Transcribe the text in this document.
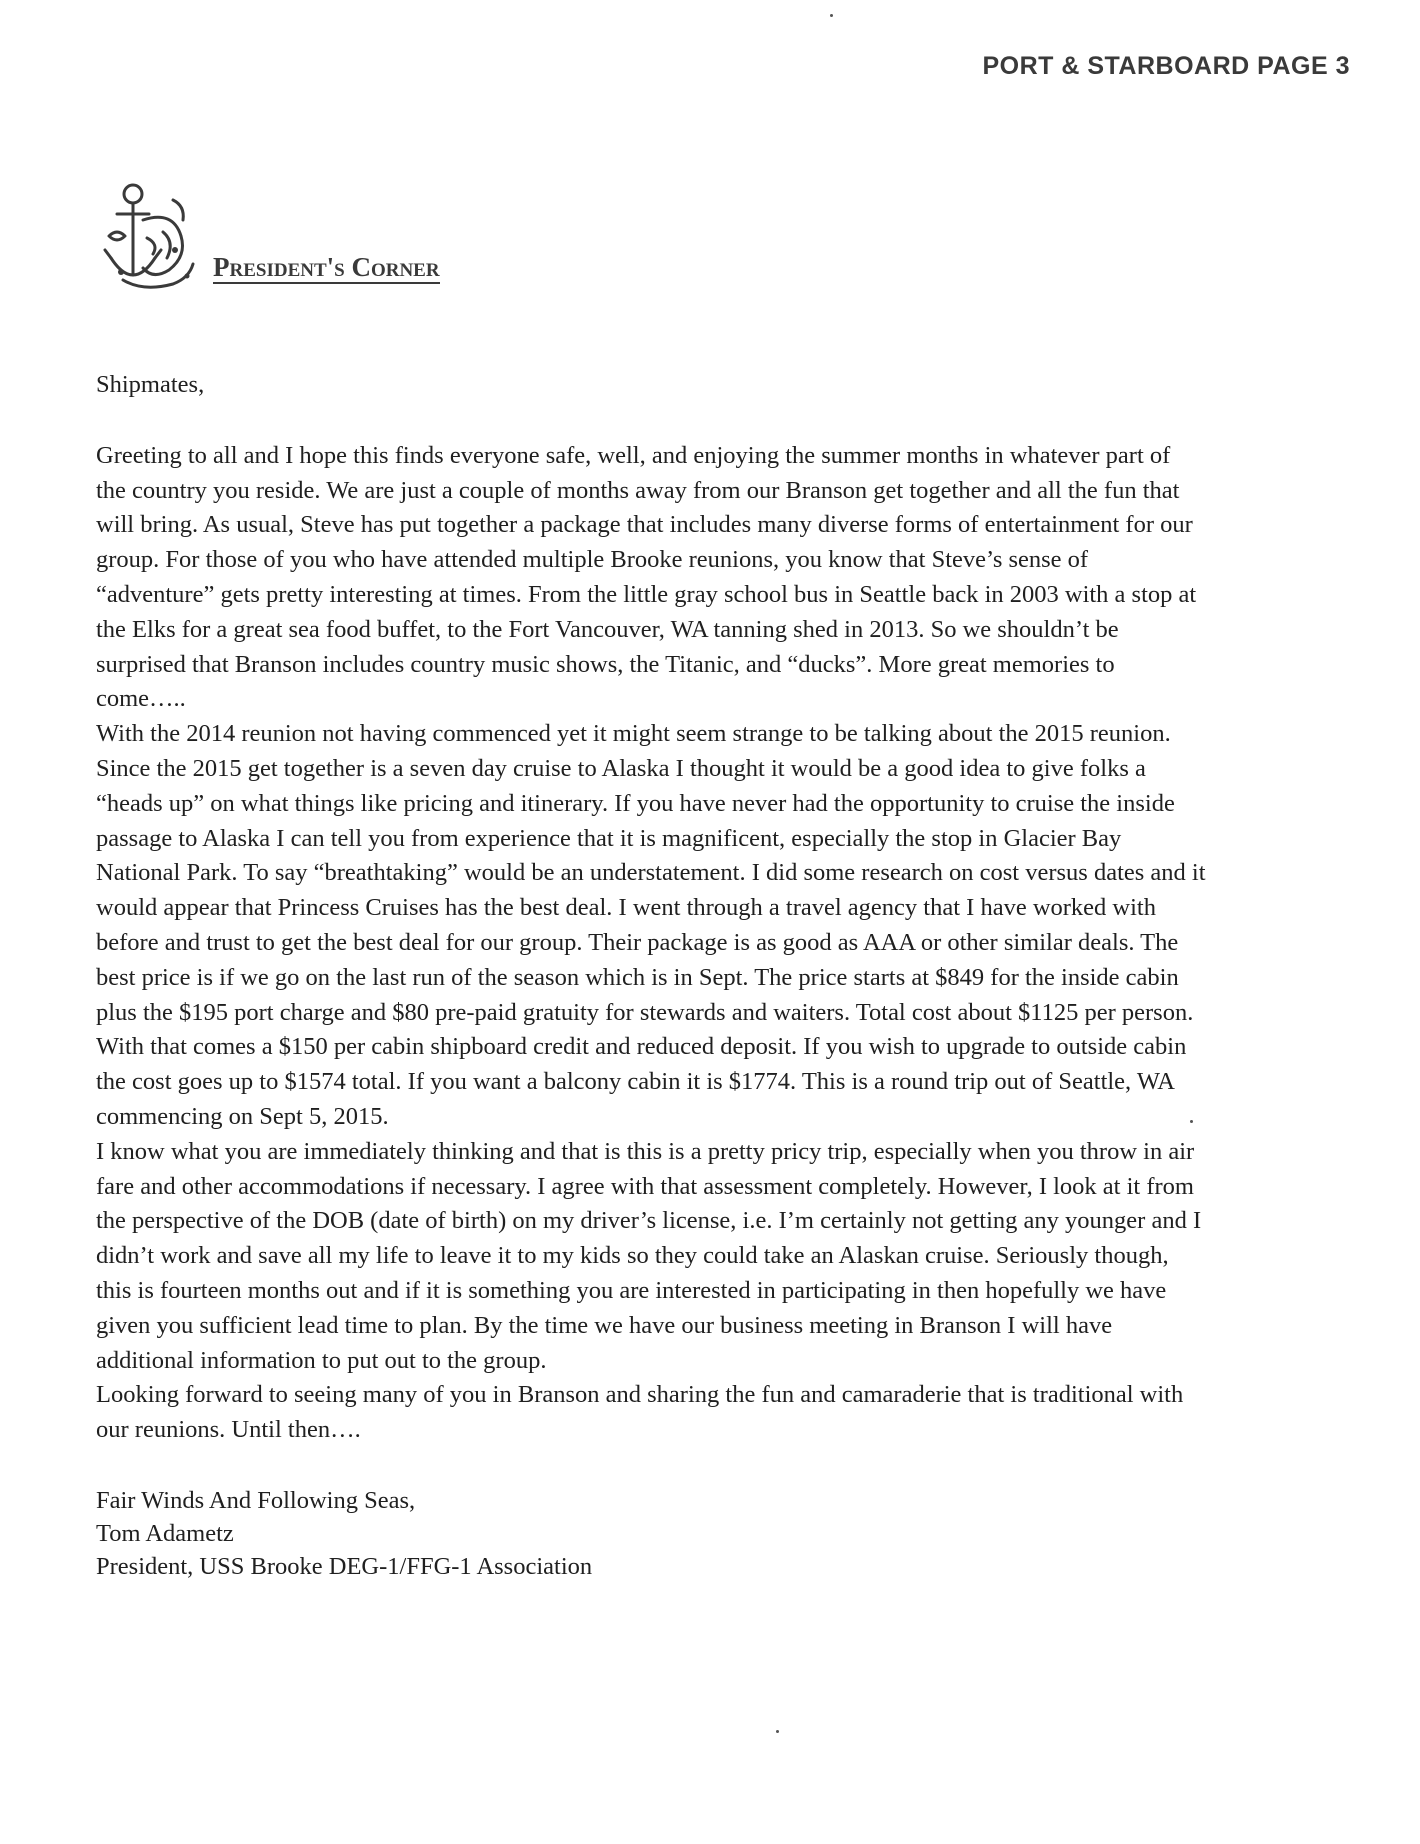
PORT & STARBOARD PAGE 3
President's Corner
Shipmates,

Greeting to all and I hope this finds everyone safe, well, and enjoying the summer months in whatever part of the country you reside. We are just a couple of months away from our Branson get together and all the fun that will bring. As usual, Steve has put together a package that includes many diverse forms of entertainment for our group. For those of you who have attended multiple Brooke reunions, you know that Steve’s sense of “adventure” gets pretty interesting at times. From the little gray school bus in Seattle back in 2003 with a stop at the Elks for a great sea food buffet, to the Fort Vancouver, WA tanning shed in 2013. So we shouldn’t be surprised that Branson includes country music shows, the Titanic, and “ducks”. More great memories to come…..

With the 2014 reunion not having commenced yet it might seem strange to be talking about the 2015 reunion. Since the 2015 get together is a seven day cruise to Alaska I thought it would be a good idea to give folks a “heads up” on what things like pricing and itinerary. If you have never had the opportunity to cruise the inside passage to Alaska I can tell you from experience that it is magnificent, especially the stop in Glacier Bay National Park. To say “breathtaking” would be an understatement. I did some research on cost versus dates and it would appear that Princess Cruises has the best deal. I went through a travel agency that I have worked with before and trust to get the best deal for our group. Their package is as good as AAA or other similar deals. The best price is if we go on the last run of the season which is in Sept. The price starts at $849 for the inside cabin plus the $195 port charge and $80 pre-paid gratuity for stewards and waiters. Total cost about $1125 per person. With that comes a $150 per cabin shipboard credit and reduced deposit. If you wish to upgrade to outside cabin the cost goes up to $1574 total. If you want a balcony cabin it is $1774. This is a round trip out of Seattle, WA commencing on Sept 5, 2015.

I know what you are immediately thinking and that is this is a pretty pricy trip, especially when you throw in air fare and other accommodations if necessary. I agree with that assessment completely. However, I look at it from the perspective of the DOB (date of birth) on my driver’s license, i.e. I’m certainly not getting any younger and I didn’t work and save all my life to leave it to my kids so they could take an Alaskan cruise. Seriously though, this is fourteen months out and if it is something you are interested in participating in then hopefully we have given you sufficient lead time to plan. By the time we have our business meeting in Branson I will have additional information to put out to the group.

Looking forward to seeing many of you in Branson and sharing the fun and camaraderie that is traditional with our reunions. Until then….

Fair Winds And Following Seas,
Tom Adametz
President, USS Brooke DEG-1/FFG-1 Association
